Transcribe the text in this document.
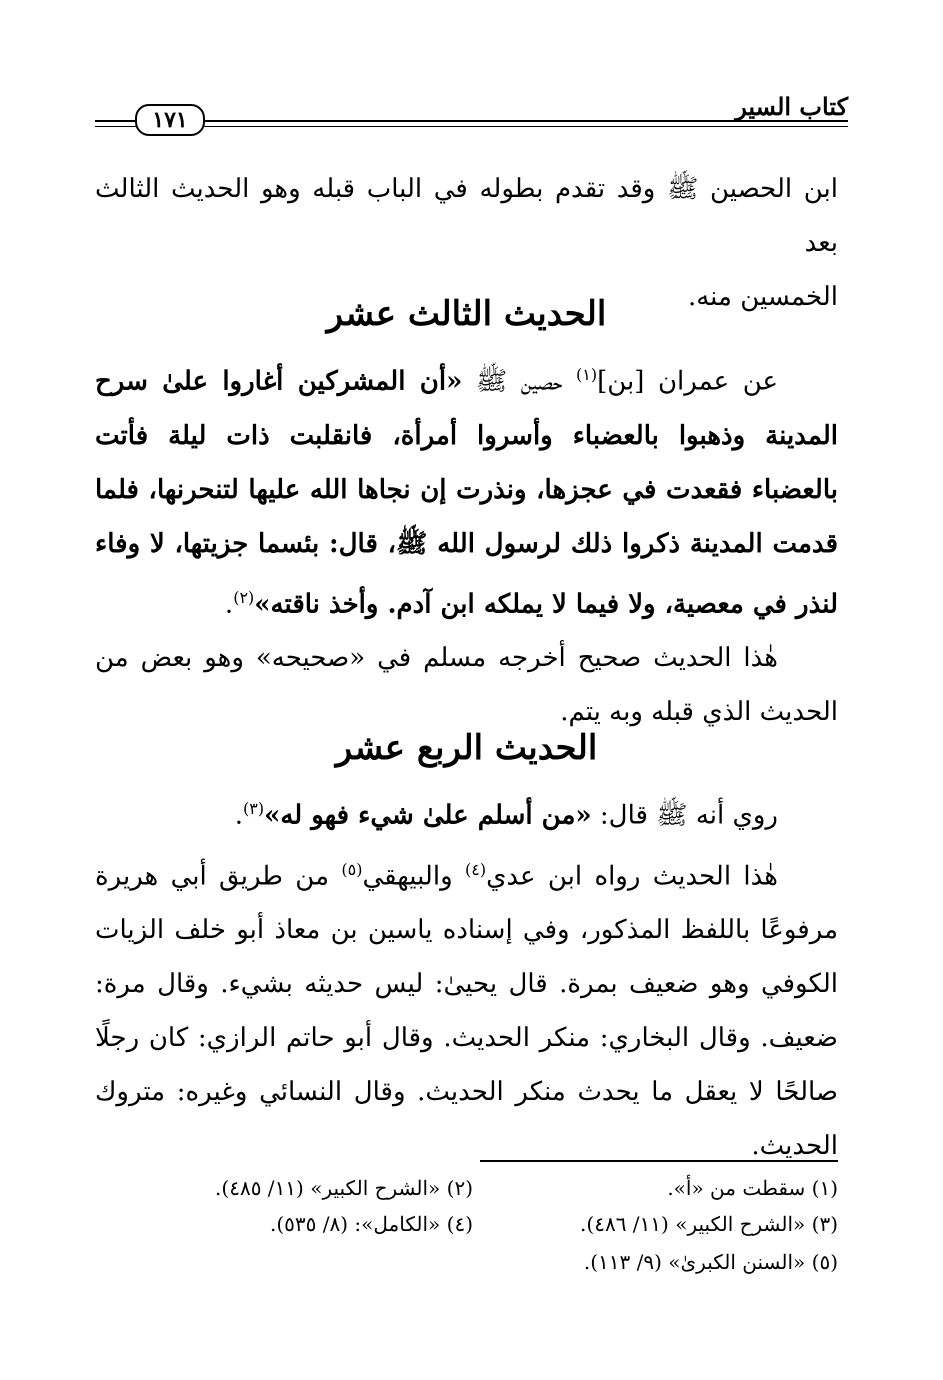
كتاب السير
١٧١

ابن الحصين ﷺ وقد تقدم بطوله في الباب قبله وهو الحديث الثالث بعد

الخمسين منه.

الحديث الثالث عشر

عن عمران [بن]$^{(١)}$ حصين ﷺ «أن المشركين أغاروا علىٰ سرح المدينة وذهبوا بالعضباء وأسروا أمرأة، فانقلبت ذات ليلة فأتت بالعضباء فقعدت في عجزها، ونذرت إن نجاها الله عليها لتنحرنها، فلما قدمت المدينة ذكروا ذلك لرسول الله ﷺ، قال: بئسما جزيتها، لا وفاء لنذر في معصية، ولا فيما لا يملكه ابن آدم. وأخذ ناقته»$^{(٢)}$.

هٰذا الحديث صحيح أخرجه مسلم في «صحيحه» وهو بعض من الحديث الذي قبله وبه يتم.

الحديث الربع عشر

روي أنه ﷺ قال: «من أسلم علىٰ شيء فهو له»$^{(٣)}$.

هٰذا الحديث رواه ابن عدي$^{(٤)}$ والبيهقي$^{(٥)}$ من طريق أبي هريرة مرفوعًا باللفظ المذكور، وفي إسناده ياسين بن معاذ أبو خلف الزيات الكوفي وهو ضعيف بمرة. قال يحيىٰ: ليس حديثه بشيء. وقال مرة: ضعيف. وقال البخاري: منكر الحديث. وقال أبو حاتم الرازي: كان رجلًا صالحًا لا يعقل ما يحدث منكر الحديث. وقال النسائي وغيره: متروك الحديث.

(١) سقطت من «أ».
(٢) «الشرح الكبير» (١١/ ٤٨٥).
(٣) «الشرح الكبير» (١١/ ٤٨٦).
(٤) «الكامل»: (٨/ ٥٣٥).
(٥) «السنن الكبرىٰ» (٩/ ١١٣).
